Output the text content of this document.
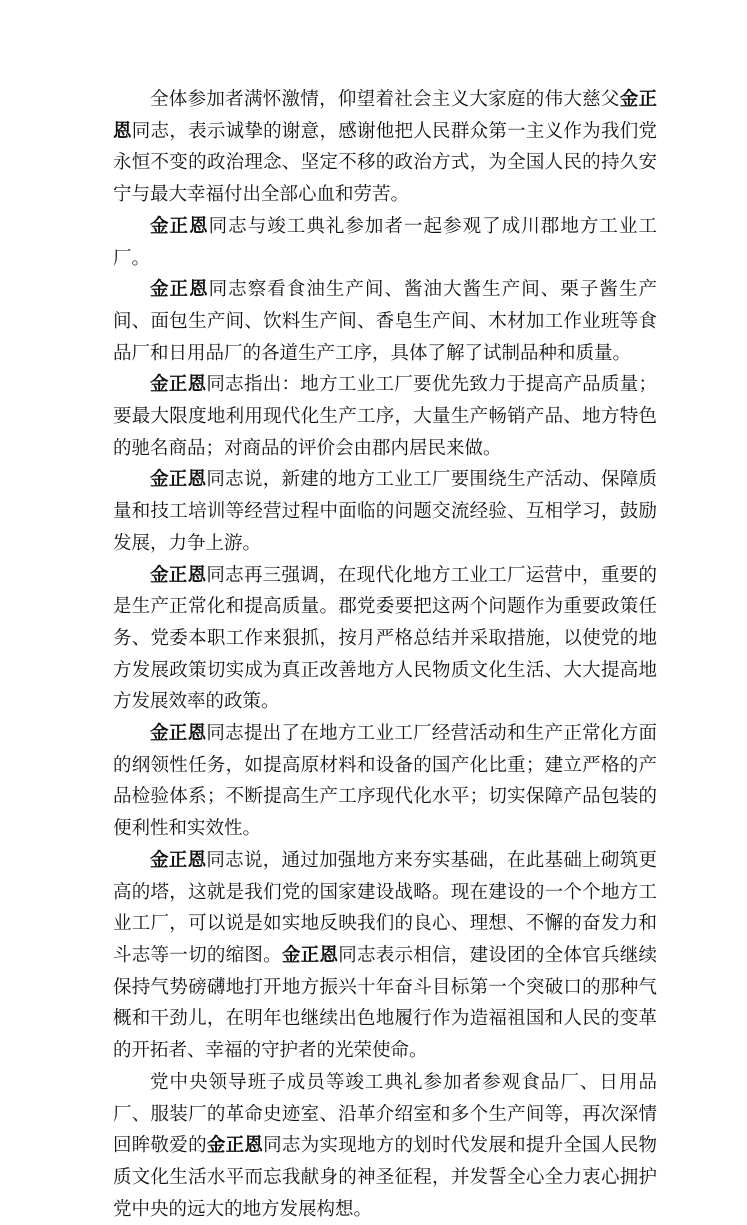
全体参加者满怀激情，仰望着社会主义大家庭的伟大慈父金正恩同志，表示诚挚的谢意，感谢他把人民群众第一主义作为我们党永恒不变的政治理念、坚定不移的政治方式，为全国人民的持久安宁与最大幸福付出全部心血和劳苦。

金正恩同志与竣工典礼参加者一起参观了成川郡地方工业工厂。

金正恩同志察看食油生产间、酱油大酱生产间、栗子酱生产间、面包生产间、饮料生产间、香皂生产间、木材加工作业班等食品厂和日用品厂的各道生产工序，具体了解了试制品种和质量。

金正恩同志指出：地方工业工厂要优先致力于提高产品质量；要最大限度地利用现代化生产工序，大量生产畅销产品、地方特色的驰名商品；对商品的评价会由郡内居民来做。

金正恩同志说，新建的地方工业工厂要围绕生产活动、保障质量和技工培训等经营过程中面临的问题交流经验、互相学习，鼓励发展，力争上游。

金正恩同志再三强调，在现代化地方工业工厂运营中，重要的是生产正常化和提高质量。郡党委要把这两个问题作为重要政策任务、党委本职工作来狠抓，按月严格总结并采取措施，以使党的地方发展政策切实成为真正改善地方人民物质文化生活、大大提高地方发展效率的政策。

金正恩同志提出了在地方工业工厂经营活动和生产正常化方面的纲领性任务，如提高原材料和设备的国产化比重；建立严格的产品检验体系；不断提高生产工序现代化水平；切实保障产品包装的便利性和实效性。

金正恩同志说，通过加强地方来夯实基础，在此基础上砌筑更高的塔，这就是我们党的国家建设战略。现在建设的一个个地方工业工厂，可以说是如实地反映我们的良心、理想、不懈的奋发力和斗志等一切的缩图。金正恩同志表示相信，建设团的全体官兵继续保持气势磅礴地打开地方振兴十年奋斗目标第一个突破口的那种气概和干劲儿，在明年也继续出色地履行作为造福祖国和人民的变革的开拓者、幸福的守护者的光荣使命。

党中央领导班子成员等竣工典礼参加者参观食品厂、日用品厂、服装厂的革命史迹室、沿革介绍室和多个生产间等，再次深情回眸敬爱的金正恩同志为实现地方的划时代发展和提升全国人民物质文化生活水平而忘我献身的神圣征程，并发誓全心全力衷心拥护党中央的远大的地方发展构想。
